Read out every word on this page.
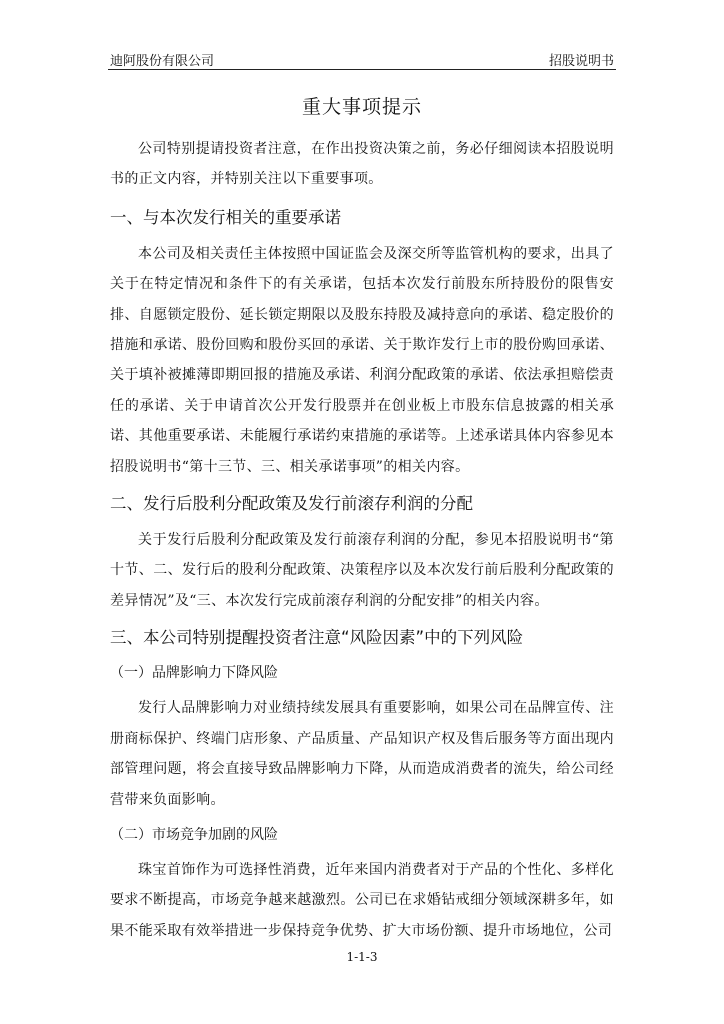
迪阿股份有限公司	招股说明书
重大事项提示

公司特别提请投资者注意，在作出投资决策之前，务必仔细阅读本招股说明书的正文内容，并特别关注以下重要事项。

一、与本次发行相关的重要承诺

本公司及相关责任主体按照中国证监会及深交所等监管机构的要求，出具了关于在特定情况和条件下的有关承诺，包括本次发行前股东所持股份的限售安排、自愿锁定股份、延长锁定期限以及股东持股及减持意向的承诺、稳定股价的措施和承诺、股份回购和股份买回的承诺、关于欺诈发行上市的股份购回承诺、关于填补被摊薄即期回报的措施及承诺、利润分配政策的承诺、依法承担赔偿责任的承诺、关于申请首次公开发行股票并在创业板上市股东信息披露的相关承诺、其他重要承诺、未能履行承诺约束措施的承诺等。上述承诺具体内容参见本招股说明书“第十三节、三、相关承诺事项”的相关内容。

二、发行后股利分配政策及发行前滚存利润的分配

关于发行后股利分配政策及发行前滚存利润的分配，参见本招股说明书“第十节、二、发行后的股利分配政策、决策程序以及本次发行前后股利分配政策的差异情况”及“三、本次发行完成前滚存利润的分配安排”的相关内容。

三、本公司特别提醒投资者注意“风险因素”中的下列风险
（一）品牌影响力下降风险

发行人品牌影响力对业绩持续发展具有重要影响，如果公司在品牌宣传、注册商标保护、终端门店形象、产品质量、产品知识产权及售后服务等方面出现内部管理问题，将会直接导致品牌影响力下降，从而造成消费者的流失，给公司经营带来负面影响。

（二）市场竞争加剧的风险

珠宝首饰作为可选择性消费，近年来国内消费者对于产品的个性化、多样化要求不断提高，市场竞争越来越激烈。公司已在求婚钻戒细分领域深耕多年，如果不能采取有效举措进一步保持竞争优势、扩大市场份额、提升市场地位，公司

1-1-3
